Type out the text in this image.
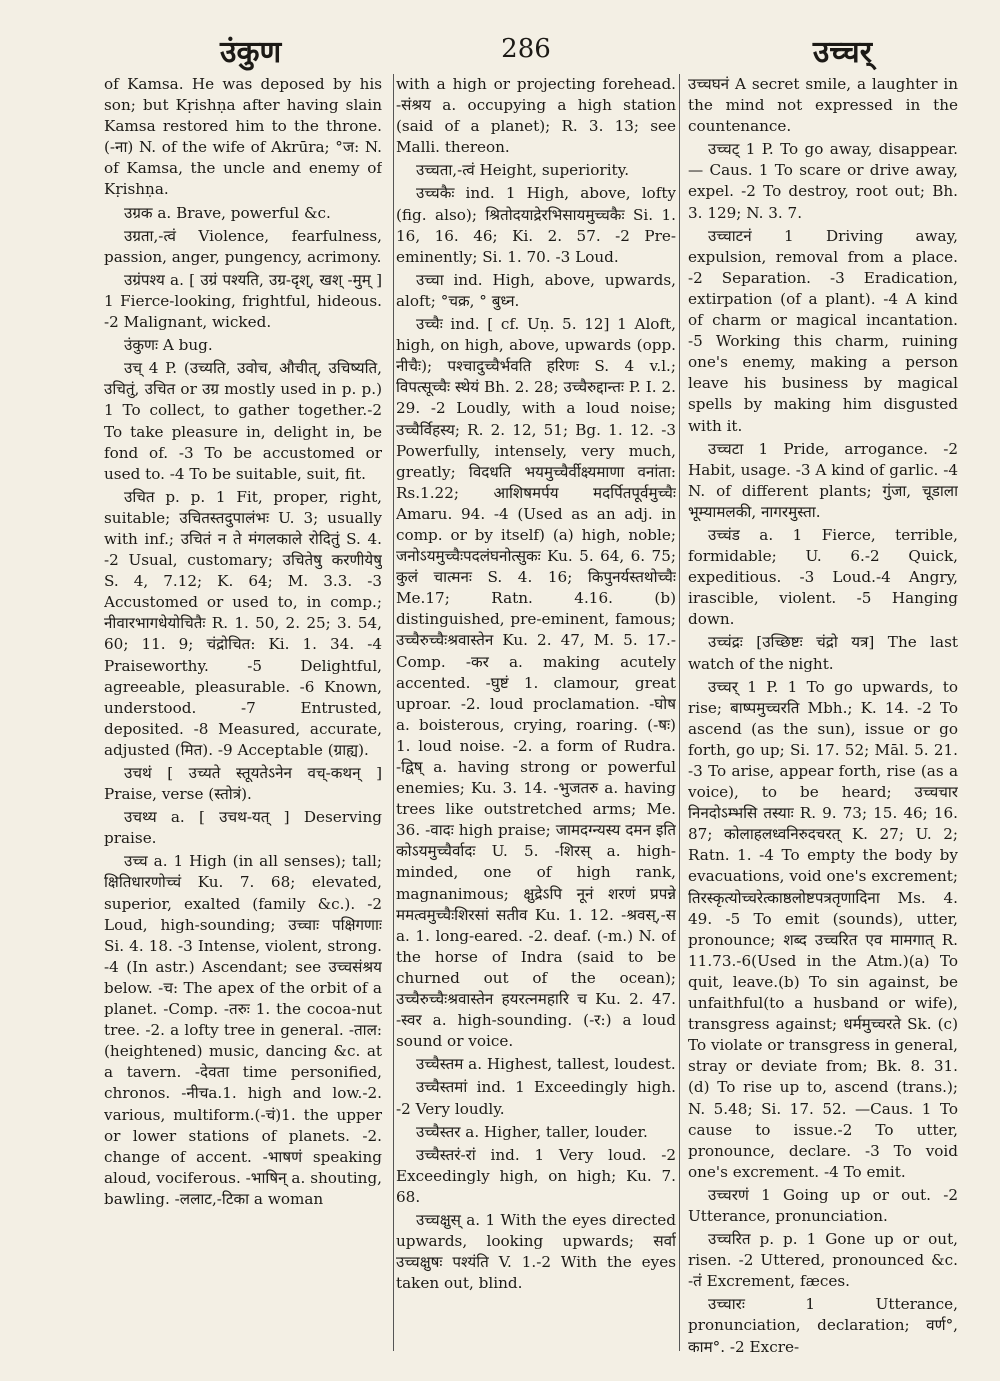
उंकुण	286	उच्चर्

of Kamsa. He was deposed by his son; but Kṛishṇa after having slain Kamsa restored him to the throne. (-ना) N. of the wife of Akrūra; °ज: N. of Kamsa, the uncle and enemy of Kṛishṇa.

उग्रक a. Brave, powerful &c.

उग्रता,-त्वं Violence, fearfulness, passion, anger, pungency, acrimony.

उग्रंपश्य a. [ उग्रं पश्यति, उग्र-दृश्, खश् -मुम् ] 1 Fierce-looking, frightful, hideous. -2 Malignant, wicked.

उंकुणः A bug.

उच् 4 P. (उच्यति, उवोच, औचीत्, उचिष्यति, उचितुं, उचित or उग्र mostly used in p. p.) 1 To collect, to gather together.-2 To take pleasure in, delight in, be fond of. -3 To be accustomed or used to. -4 To be suitable, suit, fit.

उचित p. p. 1 Fit, proper, right, suitable; उचितस्तदुपालंभः U. 3; usually with inf.; उचितं न ते मंगलकाले रोदितुं S. 4. -2 Usual, customary; उचितेषु करणीयेषु S. 4, 7.12; K. 64; M. 3.3. -3 Accustomed or used to, in comp.; नीवारभागधेयोचितैः R. 1. 50, 2. 25; 3. 54, 60; 11. 9; चंद्रोचित: Ki. 1. 34. -4 Praiseworthy. -5 Delightful, agreeable, pleasurable. -6 Known, understood. -7 Entrusted, deposited. -8 Measured, accurate, adjusted (मित). -9 Acceptable (ग्राह्य).

उचथं [ उच्यते स्तूयतेऽनेन वच्-कथन् ] Praise, verse (स्तोत्रं).

उचथ्य a. [ उचथ-यत् ] Deserving praise.

उच्च a. 1 High (in all senses); tall; क्षितिधारणोच्चं Ku. 7. 68; elevated, superior, exalted (family &c.). -2 Loud, high-sounding; उच्चाः पक्षिगणाः Si. 4. 18. -3 Intense, violent, strong. -4 (In astr.) Ascendant; see उच्चसंश्रय below. -च: The apex of the orbit of a planet. -Comp. -तरुः 1. the cocoa-nut tree. -2. a lofty tree in general. -ताल: (heightened) music, dancing &c. at a tavern. -देवता time personified, chronos. -नीचa.1. high and low.-2. various, multiform.(-चं)1. the upper or lower stations of planets. -2. change of accent. -भाषणं speaking aloud, vociferous. -भाषिन् a. shouting, bawling. -ललाट,-टिका a woman

with a high or projecting forehead. -संश्रय a. occupying a high station (said of a planet); R. 3. 13; see Malli. thereon.

उच्चता,-त्वं Height, superiority.

उच्चकैः ind. 1 High, above, lofty (fig. also); श्रितोदयाद्रेरभिसायमुच्चकैः Si. 1. 16, 16. 46; Ki. 2. 57. -2 Pre-eminently; Si. 1. 70. -3 Loud.

उच्चा ind. High, above, upwards, aloft; °चक्र, ° बुध्न.

उच्चैः ind. [ cf. Uṇ. 5. 12] 1 Aloft, high, on high, above, upwards (opp. नीचैः); पश्चादुच्चैर्भवति हरिणः S. 4 v.l.; विपत्सूच्चैः स्थेयं Bh. 2. 28; उच्चैरुद्दान्तः P. I. 2. 29. -2 Loudly, with a loud noise; उच्चैर्विहस्य; R. 2. 12, 51; Bg. 1. 12. -3 Powerfully, intensely, very much, greatly; विदधति भयमुच्चैर्वीक्ष्यमाणा वनांता: Rs.1.22; आशिषमर्पय मदर्पितपूर्वमुच्चैः Amaru. 94. -4 (Used as an adj. in comp. or by itself) (a) high, noble; जनोऽयमुच्चैःपदलंघनोत्सुकः Ku. 5. 64, 6. 75; कुलं चात्मनः S. 4. 16; किपुनर्यस्तथोच्चैः Me.17; Ratn. 4.16. (b) distinguished, pre-eminent, famous; उच्चैरुच्चैःश्रवास्तेन Ku. 2. 47, M. 5. 17.-Comp. -कर a. making acutely accented. -घुष्टं 1. clamour, great uproar. -2. loud proclamation. -घोष a. boisterous, crying, roaring. (-षः) 1. loud noise. -2. a form of Rudra. -द्विष् a. having strong or powerful enemies; Ku. 3. 14. -भुजतरु a. having trees like outstretched arms; Me. 36. -वादः high praise; जामदग्न्यस्य दमन इति कोऽयमुच्चैर्वादः U. 5. -शिरस् a. high-minded, one of high rank, magnanimous; क्षुद्रेऽपि नूनं शरणं प्रपन्ने ममत्वमुच्चैःशिरसां सतीव Ku. 1. 12. -श्रवस्,-स a. 1. long-eared. -2. deaf. (-m.) N. of the horse of Indra (said to be churned out of the ocean); उच्चैरुच्चैःश्रवास्तेन हयरत्नमहारि च Ku. 2. 47. -स्वर a. high-sounding. (-र:) a loud sound or voice.

उच्चैस्तम a. Highest, tallest, loudest.

उच्चैस्तमां ind. 1 Exceedingly high. -2 Very loudly.

उच्चैस्तर a. Higher, taller, louder.

उच्चैस्तरं-रां ind. 1 Very loud. -2 Exceedingly high, on high; Ku. 7. 68.

उच्चक्षुस् a. 1 With the eyes directed upwards, looking upwards; सर्वा उच्चक्षुषः पश्यंति V. 1.-2 With the eyes taken out, blind.

उच्चघनं A secret smile, a laughter in the mind not expressed in the countenance.

उच्चट् 1 P. To go away, disappear. — Caus. 1 To scare or drive away, expel. -2 To destroy, root out; Bh. 3. 129; N. 3. 7.

उच्चाटनं 1 Driving away, expulsion, removal from a place. -2 Separation. -3 Eradication, extirpation (of a plant). -4 A kind of charm or magical incantation. -5 Working this charm, ruining one's enemy, making a person leave his business by magical spells by making him disgusted with it.

उच्चटा 1 Pride, arrogance. -2 Habit, usage. -3 A kind of garlic. -4 N. of different plants; गुंजा, चूडाला भूम्यामलकी, नागरमुस्ता.

उच्चंड a. 1 Fierce, terrible, formidable; U. 6.-2 Quick, expeditious. -3 Loud.-4 Angry, irascible, violent. -5 Hanging down.

उच्चंद्रः [उच्छिष्टः चंद्रो यत्र] The last watch of the night.

उच्चर् 1 P. 1 To go upwards, to rise; बाष्पमुच्चरति Mbh.; K. 14. -2 To ascend (as the sun), issue or go forth, go up; Si. 17. 52; Māl. 5. 21. -3 To arise, appear forth, rise (as a voice), to be heard; उच्चचार निनदोऽम्भसि तस्याः R. 9. 73; 15. 46; 16. 87; कोलाहलध्वनिरुदचरत् K. 27; U. 2; Ratn. 1. -4 To empty the body by evacuations, void one's excrement; तिरस्कृत्योच्चरेत्काष्ठलोष्टपत्रतृणादिना Ms. 4. 49. -5 To emit (sounds), utter, pronounce; शब्द उच्चरित एव मामगात् R. 11.73.-6(Used in the Atm.)(a) To quit, leave.(b) To sin against, be unfaithful(to a husband or wife), transgress against; धर्ममुच्चरते Sk. (c) To violate or transgress in general, stray or deviate from; Bk. 8. 31. (d) To rise up to, ascend (trans.); N. 5.48; Si. 17. 52. —Caus. 1 To cause to issue.-2 To utter, pronounce, declare. -3 To void one's excrement. -4 To emit.

उच्चरणं 1 Going up or out. -2 Utterance, pronunciation.

उच्चरित p. p. 1 Gone up or out, risen. -2 Uttered, pronounced &c. -तं Excrement, fæces.

उच्चारः 1 Utterance, pronunciation, declaration; वर्ण°, काम°. -2 Excre-
